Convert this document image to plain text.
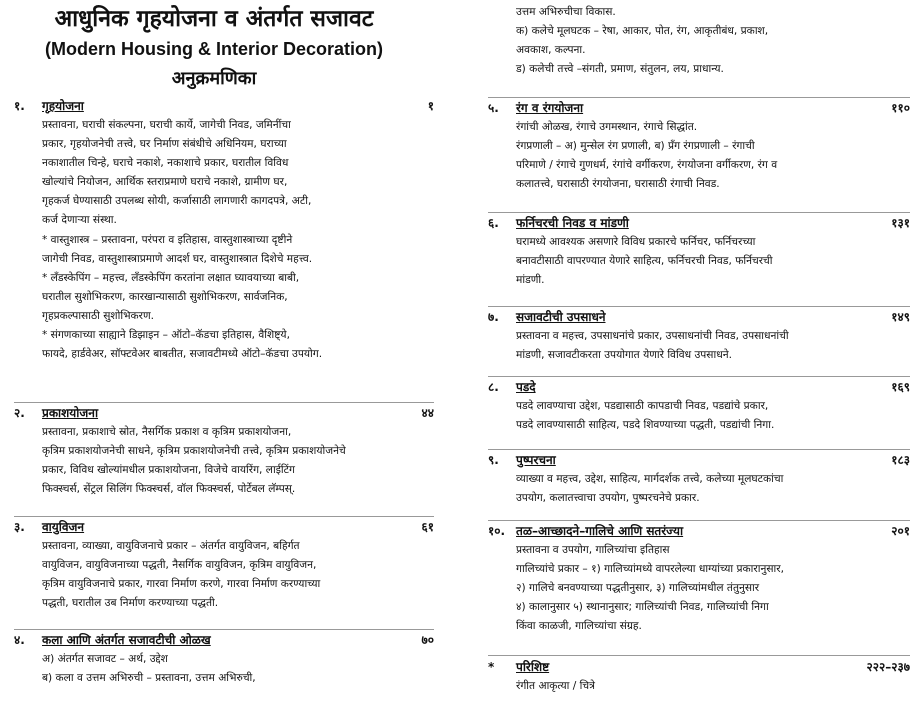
आधुनिक गृहयोजना व अंतर्गत सजावट
(Modern Housing & Interior Decoration)
अनुक्रमणिका
१. गृहयोजना	१
प्रस्तावना, घराची संकल्पना, घराची कार्ये, जागेची निवड, जमिनींचा
प्रकार, गृहयोजनेची तत्त्वे, घर निर्माण संबंधीचे अधिनियम, घराच्या
नकाशातील चिन्हे, घराचे नकाशे, नकाशाचे प्रकार, घरातील विविध
खोल्यांचे नियोजन, आर्थिक स्तराप्रमाणे घराचे नकाशे, ग्रामीण घर,
गृहकर्ज घेण्यासाठी उपलब्ध सोयी, कर्जासाठी लागणारी कागदपत्रे, अटी,
कर्ज देणाऱ्या संस्था.
* वास्तुशास्त्र – प्रस्तावना, परंपरा व इतिहास, वास्तुशास्त्राच्या दृष्टीने
जागेची निवड, वास्तुशास्त्राप्रमाणे आदर्श घर, वास्तुशास्त्रात दिशेचे महत्त्व.
* लँडस्केपिंग – महत्त्व, लँडस्केपिंग करतांना लक्षात घ्यावयाच्या बाबी,
घरातील सुशोभिकरण, कारखान्यासाठी सुशोभिकरण, सार्वजनिक,
गृहप्रकल्पासाठी सुशोभिकरण.
* संगणकाच्या साह्याने डिझाइन – ऑटो–कॅडचा इतिहास, वैशिष्ट्ये,
फायदे, हार्डवेअर, सॉफ्टवेअर बाबतीत, सजावटीमध्ये ऑटो–कॅडचा उपयोग.
२. प्रकाशयोजना	४४
प्रस्तावना, प्रकाशाचे स्रोत, नैसर्गिक प्रकाश व कृत्रिम प्रकाशयोजना,
कृत्रिम प्रकाशयोजनेची साधने, कृत्रिम प्रकाशयोजनेची तत्त्वे, कृत्रिम प्रकाशयोजनेचे
प्रकार, विविध खोल्यांमधील प्रकाशयोजना, विजेचे वायरिंग, लाईटिंग
फिक्स्चर्स, सेंट्रल सिलिंग फिक्स्चर्स, वॉल फिक्स्चर्स, पोर्टेबल लॅम्पस्.
३. वायुविजन	६१
प्रस्तावना, व्याख्या, वायुविजनाचे प्रकार – अंतर्गत वायुविजन, बहिर्गत
वायुविजन, वायुविजनाच्या पद्धती, नैसर्गिक वायुविजन, कृत्रिम वायुविजन,
कृत्रिम वायुविजनाचे प्रकार, गारवा निर्माण करणे, गारवा निर्माण करण्याच्या
पद्धती, घरातील उब निर्माण करण्याच्या पद्धती.
४. कला आणि अंतर्गत सजावटीची ओळख	७०
अ) अंतर्गत सजावट – अर्थ, उद्देश
ब) कला व उत्तम अभिरुची – प्रस्तावना, उत्तम अभिरुची,
उत्तम अभिरुचीचा विकास.
क) कलेचे मूलघटक – रेषा, आकार, पोत, रंग, आकृतीबंध, प्रकाश,
अवकाश, कल्पना.
ड) कलेची तत्त्वे –संगती, प्रमाण, संतुलन, लय, प्राधान्य.
५. रंग व रंगयोजना	११०
रंगांची ओळख, रंगाचे उगमस्थान, रंगाचे सिद्धांत.
रंगप्रणाली – अ) मुन्सेल रंग प्रणाली, ब) प्रँग रंगप्रणाली – रंगाची
परिमाणे / रंगाचे गुणधर्म, रंगांचे वर्गीकरण, रंगयोजना वर्गीकरण, रंग व
कलातत्त्वे, घरासाठी रंगयोजना, घरासाठी रंगाची निवड.
६. फर्निचरची निवड व मांडणी	१३१
घरामध्ये आवश्यक असणारे विविध प्रकारचे फर्निचर, फर्निचरच्या
बनावटीसाठी वापरण्यात येणारे साहित्य, फर्निचरची निवड, फर्निचरची
मांडणी.
७. सजावटीची उपसाधने	१४९
प्रस्तावना व महत्त्व, उपसाधनांचे प्रकार, उपसाधनांची निवड, उपसाधनांची
मांडणी, सजावटीकरता उपयोगात येणारे विविध उपसाधने.
८. पडदे	१६९
पडदे लावण्याचा उद्देश, पडद्यासाठी कापडाची निवड, पडद्यांचे प्रकार,
पडदे लावण्यासाठी साहित्य, पडदे शिवण्याच्या पद्धती, पडद्यांची निगा.
९. पुष्परचना	१८३
व्याख्या व महत्त्व, उद्देश, साहित्य, मार्गदर्शक तत्त्वे, कलेच्या मूलघटकांचा
उपयोग, कलातत्त्वाचा उपयोग, पुष्परचनेचे प्रकार.
१०. तळ–आच्छादने–गालिचे आणि सतरंज्या	२०१
प्रस्तावना व उपयोग, गालिच्यांचा इतिहास
गालिच्यांचे प्रकार – १) गालिच्यांमध्ये वापरलेल्या धाग्यांच्या प्रकारानुसार,
२) गालिचे बनवण्याच्या पद्धतीनुसार, ३) गालिच्यांमधील तंतुनुसार
४) कालानुसार ५) स्थानानुसार; गालिच्यांची निवड, गालिच्यांची निगा
किंवा काळजी, गालिच्यांचा संग्रह.
* परिशिष्ट	२२२–२३७
रंगीत आकृत्या / चित्रे
